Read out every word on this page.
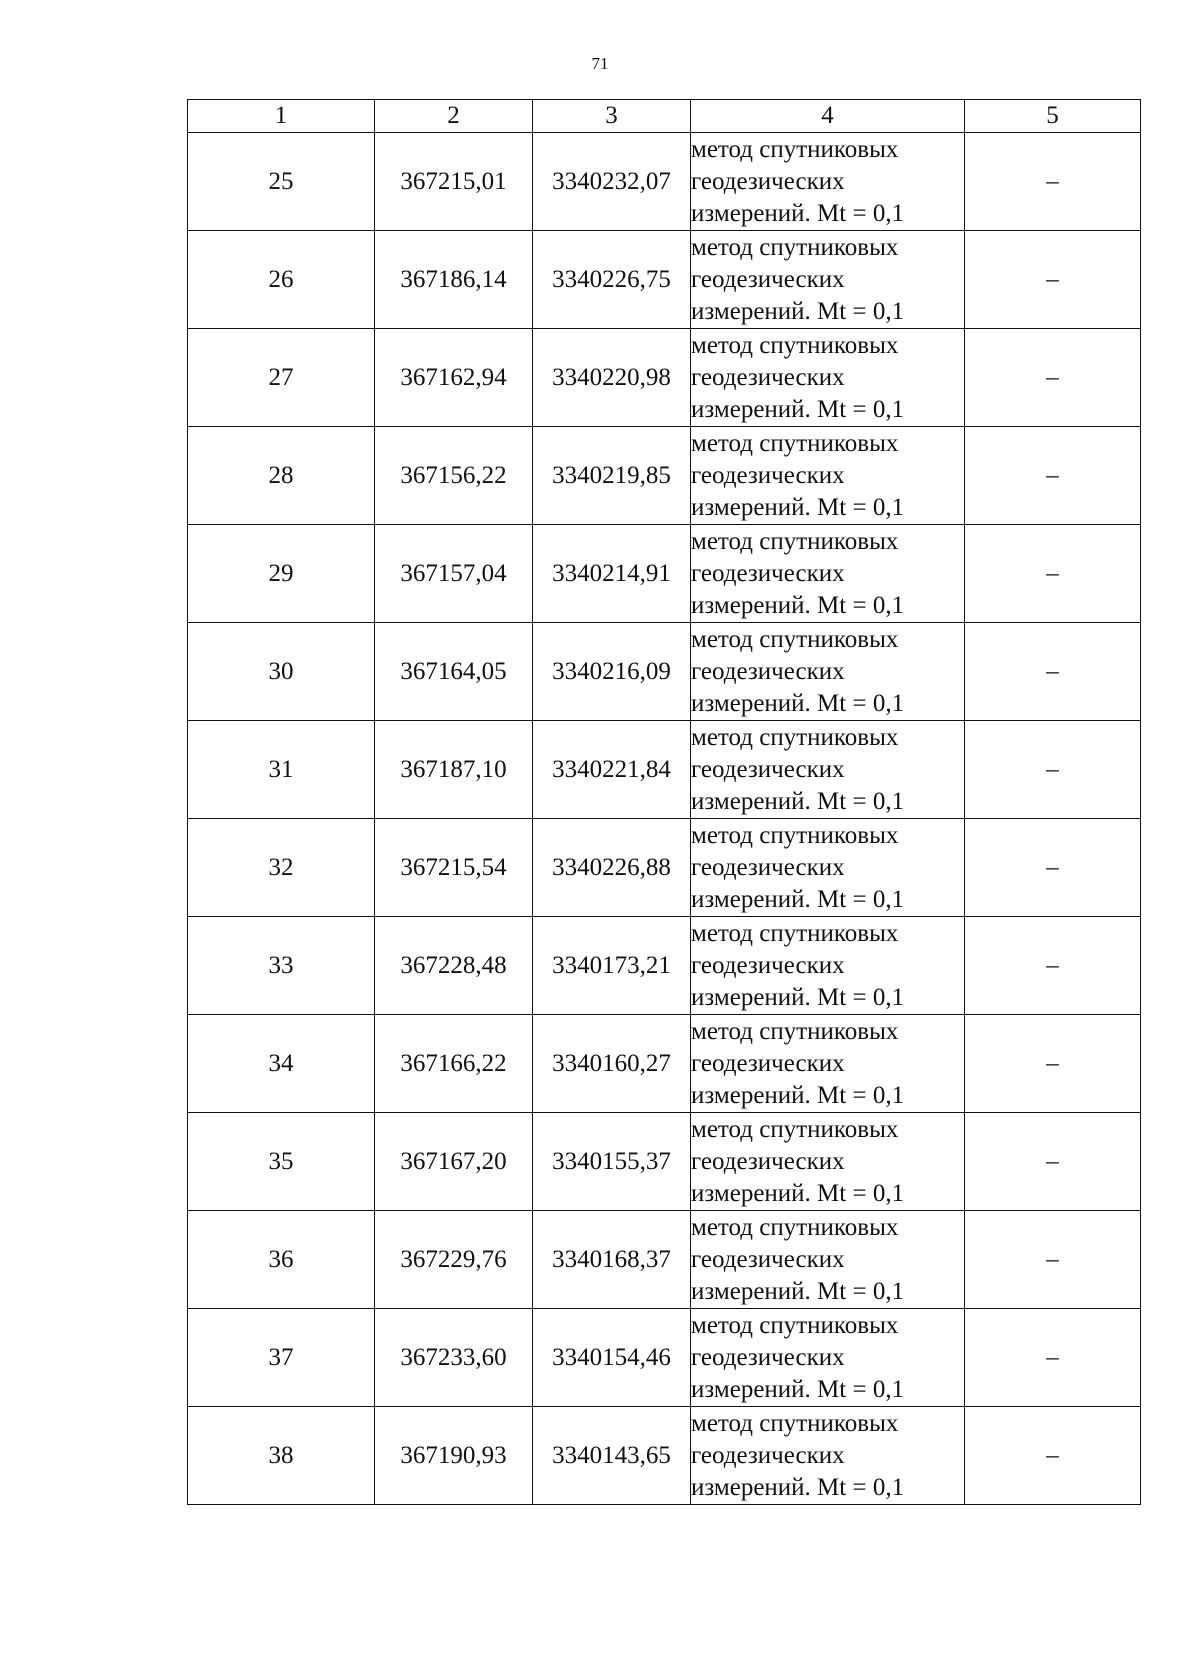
71
1	2	3	4	5
25	367215,01	3340232,07	метод спутниковых
геодезических
измерений. Mt = 0,1	–
26	367186,14	3340226,75	метод спутниковых
геодезических
измерений. Mt = 0,1	–
27	367162,94	3340220,98	метод спутниковых
геодезических
измерений. Mt = 0,1	–
28	367156,22	3340219,85	метод спутниковых
геодезических
измерений. Mt = 0,1	–
29	367157,04	3340214,91	метод спутниковых
геодезических
измерений. Mt = 0,1	–
30	367164,05	3340216,09	метод спутниковых
геодезических
измерений. Mt = 0,1	–
31	367187,10	3340221,84	метод спутниковых
геодезических
измерений. Mt = 0,1	–
32	367215,54	3340226,88	метод спутниковых
геодезических
измерений. Mt = 0,1	–
33	367228,48	3340173,21	метод спутниковых
геодезических
измерений. Mt = 0,1	–
34	367166,22	3340160,27	метод спутниковых
геодезических
измерений. Mt = 0,1	–
35	367167,20	3340155,37	метод спутниковых
геодезических
измерений. Mt = 0,1	–
36	367229,76	3340168,37	метод спутниковых
геодезических
измерений. Mt = 0,1	–
37	367233,60	3340154,46	метод спутниковых
геодезических
измерений. Mt = 0,1	–
38	367190,93	3340143,65	метод спутниковых
геодезических
измерений. Mt = 0,1	–
